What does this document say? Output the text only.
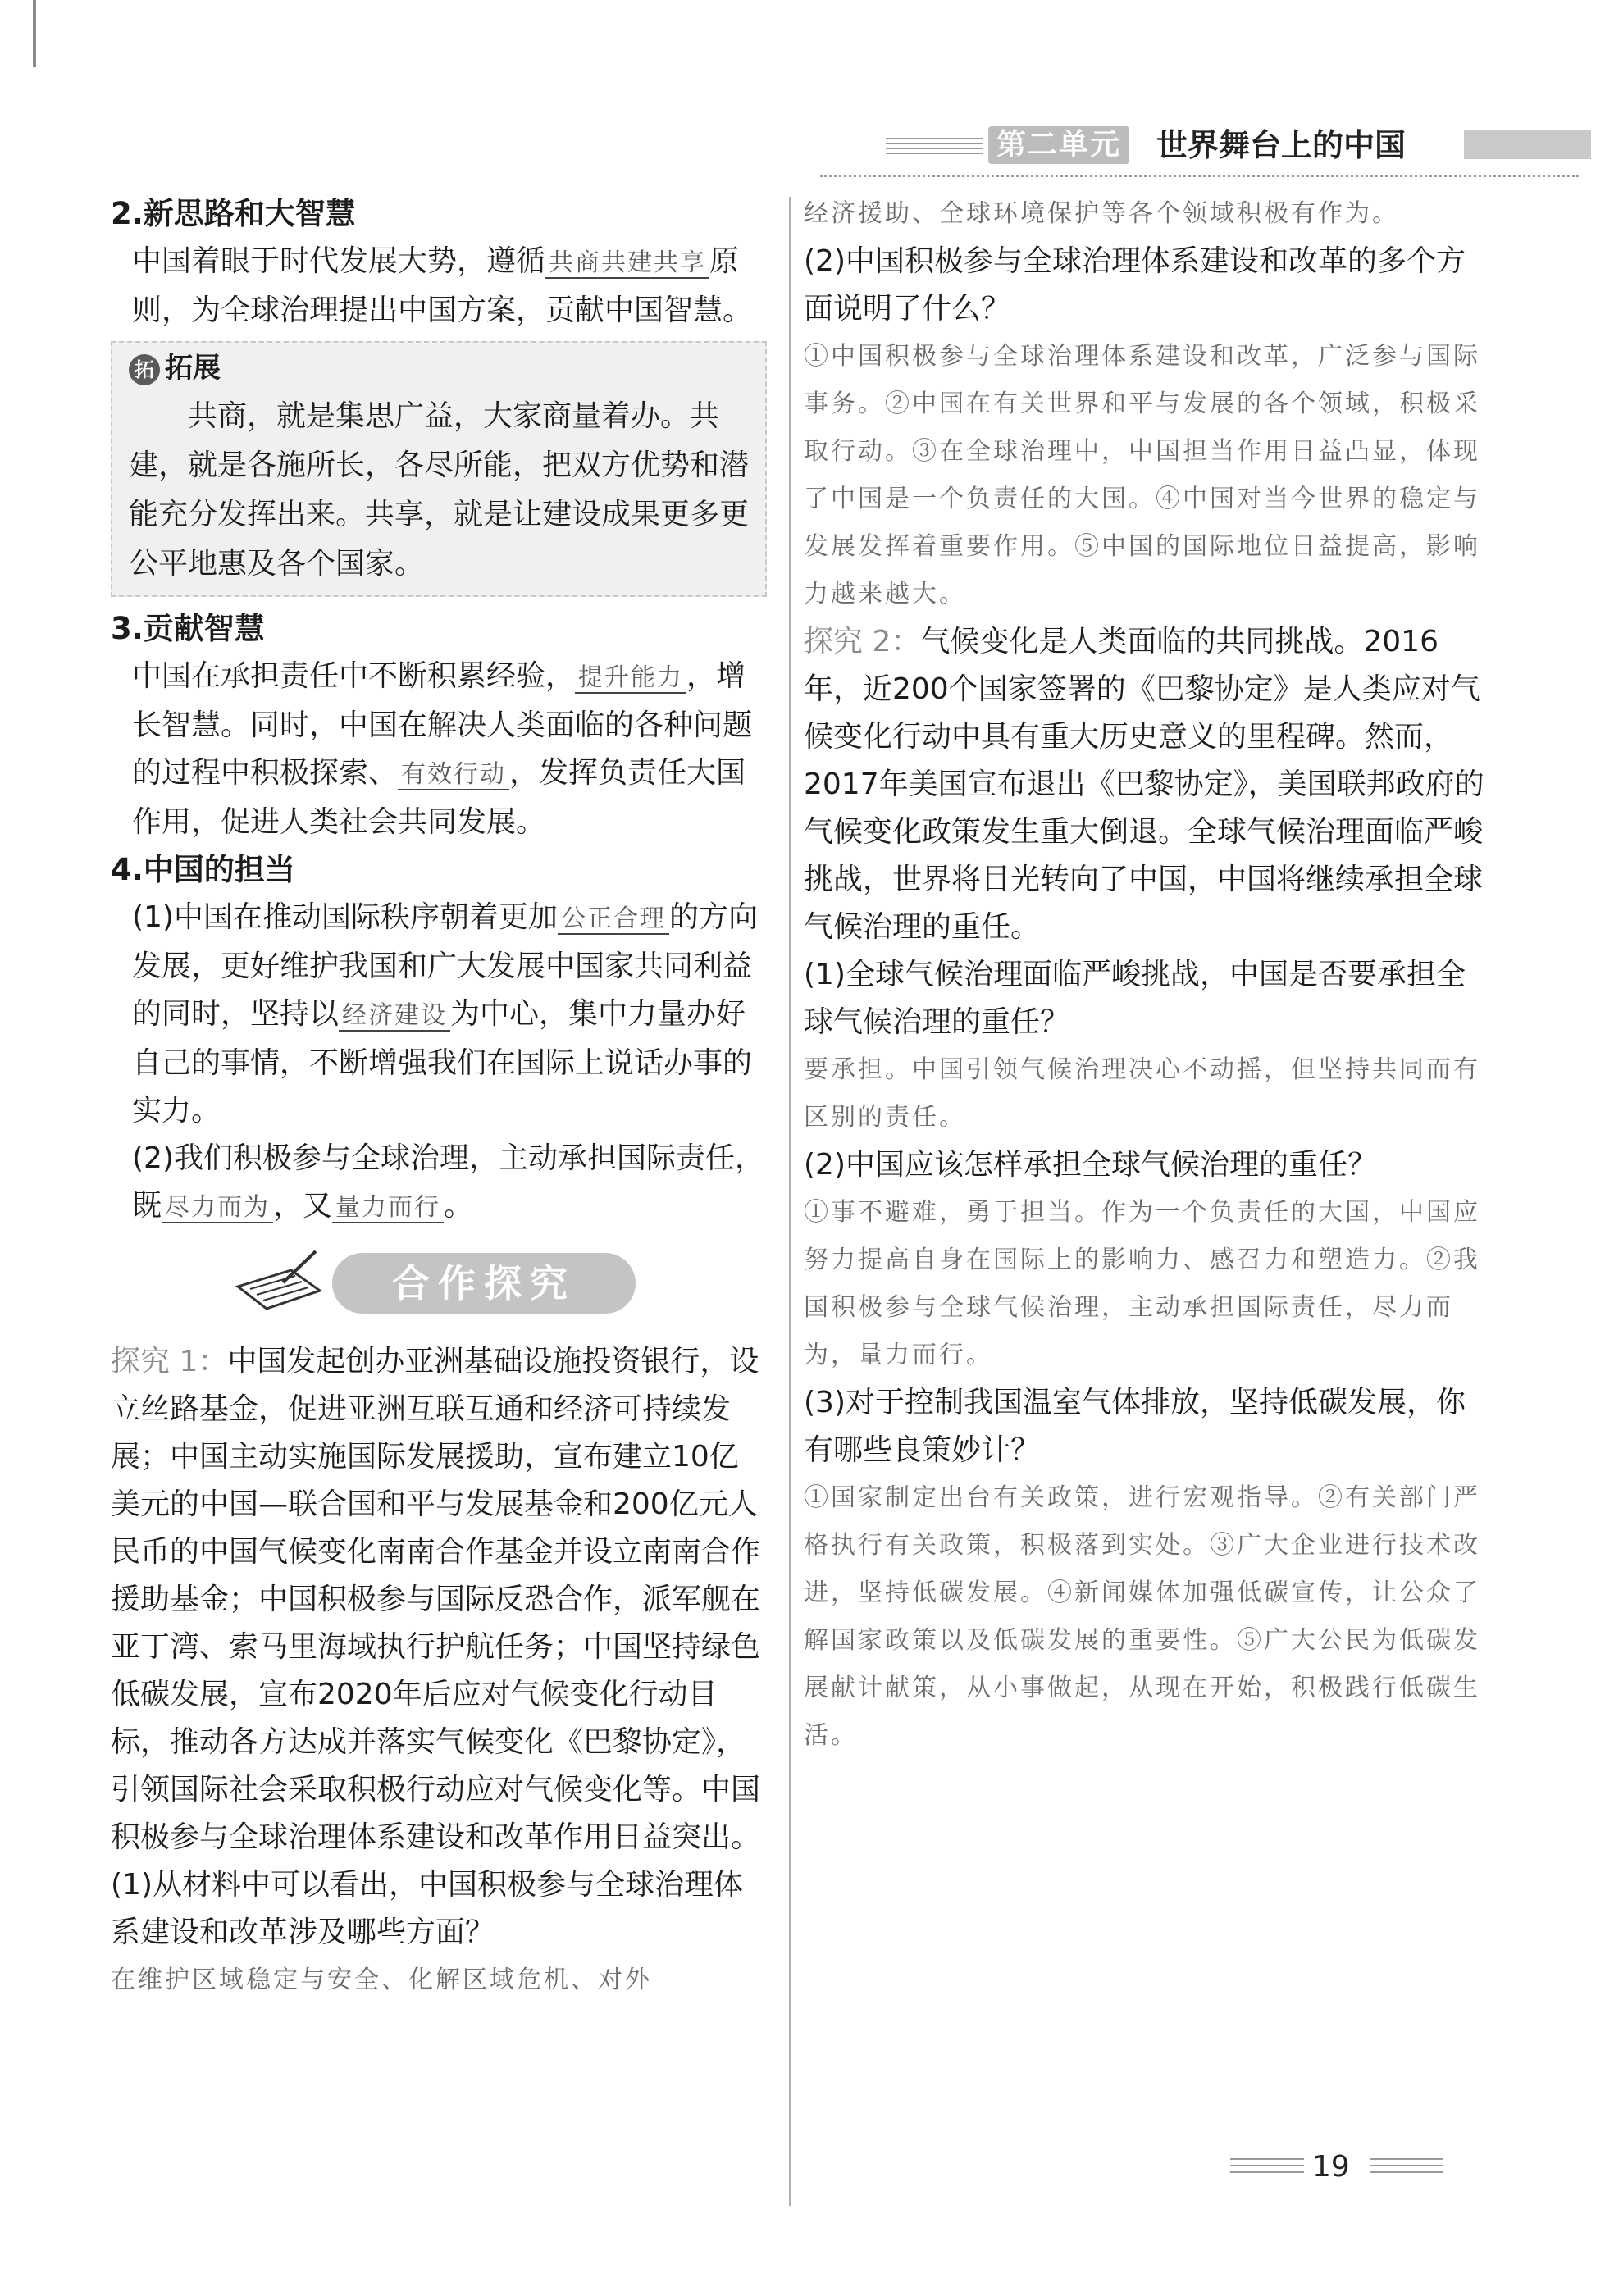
第二单元 世界舞台上的中国
2.新思路和大智慧
中国着眼于时代发展大势，遵循 共商共建共享 原则，为全球治理提出中国方案，贡献中国智慧。
拓 拓展
共商，就是集思广益，大家商量着办。共建，就是各施所长，各尽所能，把双方优势和潜能充分发挥出来。共享，就是让建设成果更多更公平地惠及各个国家。
3.贡献智慧
中国在承担责任中不断积累经验， 提升能力 ，增长智慧。同时，中国在解决人类面临的各种问题的过程中积极探索、 有效行动 ，发挥负责任大国作用，促进人类社会共同发展。
4.中国的担当
(1)中国在推动国际秩序朝着更加 公正合理 的方向发展，更好维护我国和广大发展中国家共同利益的同时，坚持以 经济建设 为中心，集中力量办好自己的事情，不断增强我们在国际上说话办事的实力。
(2)我们积极参与全球治理，主动承担国际责任，既 尽力而为 ，又 量力而行 。
合作探究
探究 1：中国发起创办亚洲基础设施投资银行，设立丝路基金，促进亚洲互联互通和经济可持续发展；中国主动实施国际发展援助，宣布建立10亿美元的中国—联合国和平与发展基金和200亿元人民币的中国气候变化南南合作基金并设立南南合作援助基金；中国积极参与国际反恐合作，派军舰在亚丁湾、索马里海域执行护航任务；中国坚持绿色低碳发展，宣布2020年后应对气候变化行动目标，推动各方达成并落实气候变化《巴黎协定》，引领国际社会采取积极行动应对气候变化等。中国积极参与全球治理体系建设和改革作用日益突出。
(1)从材料中可以看出，中国积极参与全球治理体系建设和改革涉及哪些方面？
在维护区域稳定与安全、化解区域危机、对外
经济援助、全球环境保护等各个领域积极有作为。
(2)中国积极参与全球治理体系建设和改革的多个方面说明了什么？
①中国积极参与全球治理体系建设和改革，广泛参与国际事务。②中国在有关世界和平与发展的各个领域，积极采取行动。③在全球治理中，中国担当作用日益凸显，体现了中国是一个负责任的大国。④中国对当今世界的稳定与发展发挥着重要作用。⑤中国的国际地位日益提高，影响力越来越大。
探究 2：气候变化是人类面临的共同挑战。2016年，近200个国家签署的《巴黎协定》是人类应对气候变化行动中具有重大历史意义的里程碑。然而，2017年美国宣布退出《巴黎协定》，美国联邦政府的气候变化政策发生重大倒退。全球气候治理面临严峻挑战，世界将目光转向了中国，中国将继续承担全球气候治理的重任。
(1)全球气候治理面临严峻挑战，中国是否要承担全球气候治理的重任？
要承担。中国引领气候治理决心不动摇，但坚持共同而有区别的责任。
(2)中国应该怎样承担全球气候治理的重任？
①事不避难，勇于担当。作为一个负责任的大国，中国应努力提高自身在国际上的影响力、感召力和塑造力。②我国积极参与全球气候治理，主动承担国际责任，尽力而为，量力而行。
(3)对于控制我国温室气体排放，坚持低碳发展，你有哪些良策妙计？
①国家制定出台有关政策，进行宏观指导。②有关部门严格执行有关政策，积极落到实处。③广大企业进行技术改进，坚持低碳发展。④新闻媒体加强低碳宣传，让公众了解国家政策以及低碳发展的重要性。⑤广大公民为低碳发展献计献策，从小事做起，从现在开始，积极践行低碳生活。
19
